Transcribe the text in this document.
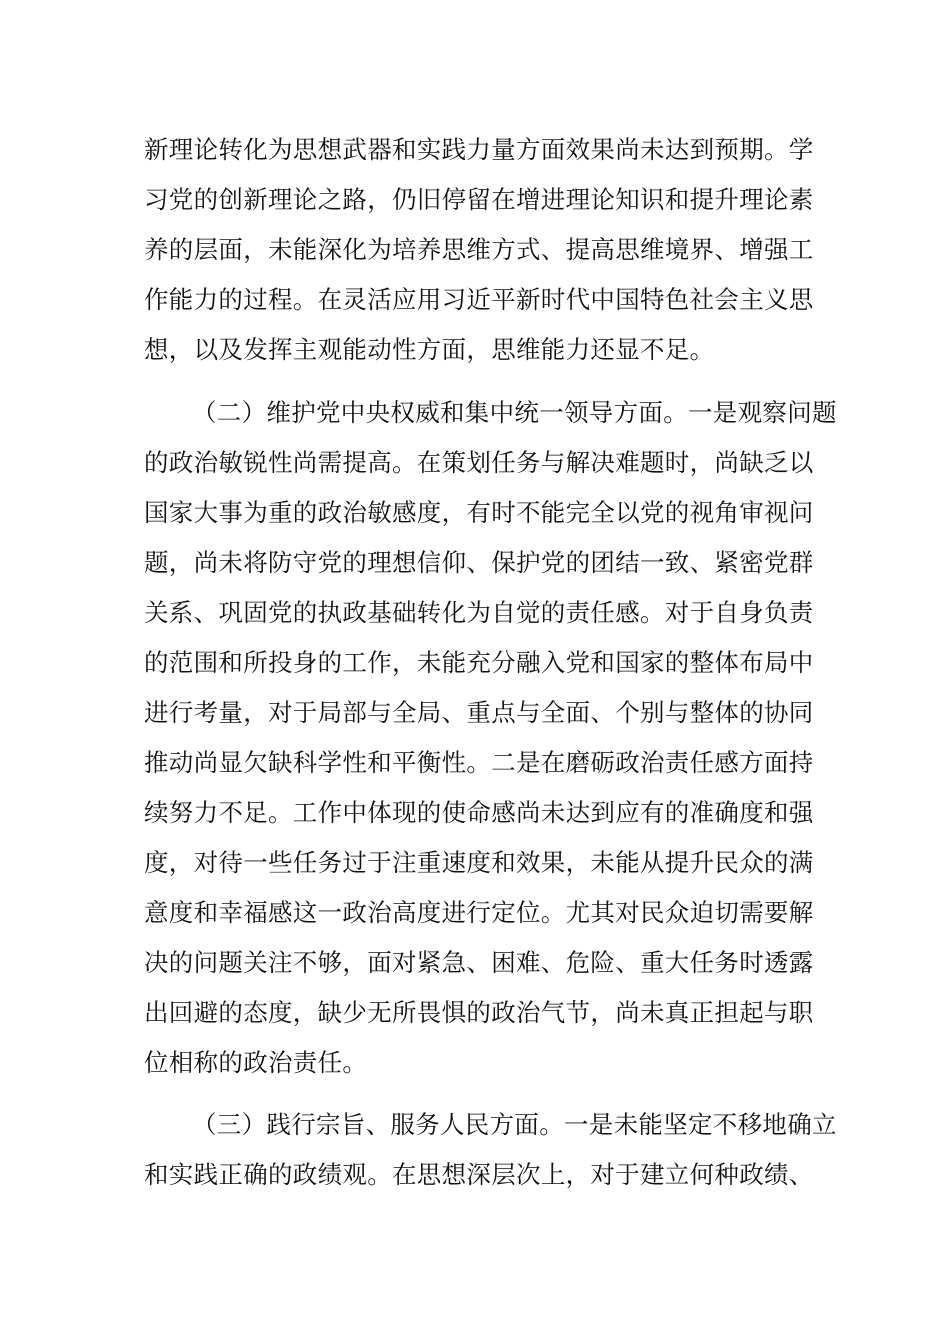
新理论转化为思想武器和实践力量方面效果尚未达到预期。学
习党的创新理论之路，仍旧停留在增进理论知识和提升理论素
养的层面，未能深化为培养思维方式、提高思维境界、增强工
作能力的过程。在灵活应用习近平新时代中国特色社会主义思
想，以及发挥主观能动性方面，思维能力还显不足。
（二）维护党中央权威和集中统一领导方面。一是观察问题
的政治敏锐性尚需提高。在策划任务与解决难题时，尚缺乏以
国家大事为重的政治敏感度，有时不能完全以党的视角审视问
题，尚未将防守党的理想信仰、保护党的团结一致、紧密党群
关系、巩固党的执政基础转化为自觉的责任感。对于自身负责
的范围和所投身的工作，未能充分融入党和国家的整体布局中
进行考量，对于局部与全局、重点与全面、个别与整体的协同
推动尚显欠缺科学性和平衡性。二是在磨砺政治责任感方面持
续努力不足。工作中体现的使命感尚未达到应有的准确度和强
度，对待一些任务过于注重速度和效果，未能从提升民众的满
意度和幸福感这一政治高度进行定位。尤其对民众迫切需要解
决的问题关注不够，面对紧急、困难、危险、重大任务时透露
出回避的态度，缺少无所畏惧的政治气节，尚未真正担起与职
位相称的政治责任。
（三）践行宗旨、服务人民方面。一是未能坚定不移地确立
和实践正确的政绩观。在思想深层次上，对于建立何种政绩、
